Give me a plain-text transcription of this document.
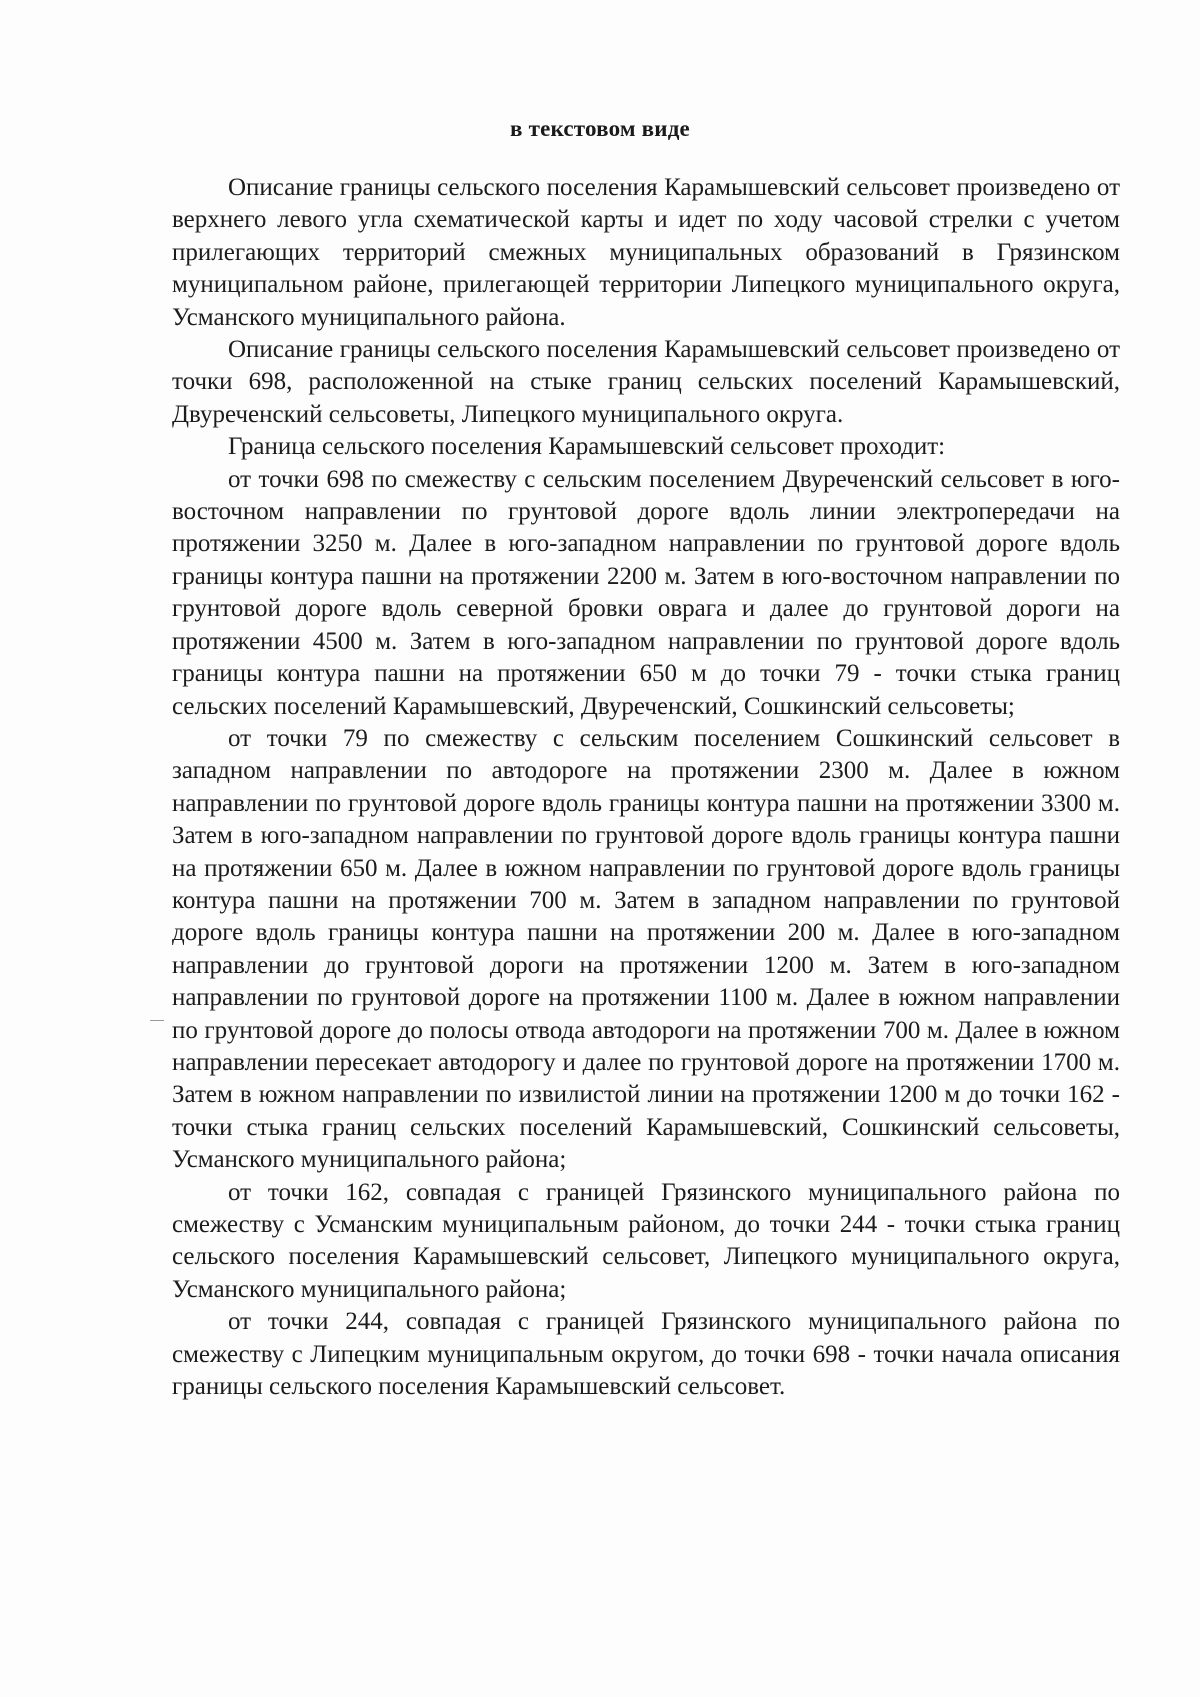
в текстовом виде

Описание границы сельского поселения Карамышевский сельсовет произведено от верхнего левого угла схематической карты и идет по ходу часовой стрелки с учетом прилегающих территорий смежных муниципальных образований в Грязинском муниципальном районе, прилегающей территории Липецкого муниципального округа, Усманского муниципального района.

Описание границы сельского поселения Карамышевский сельсовет произведено от точки 698, расположенной на стыке границ сельских поселений Карамышевский, Двуреченский сельсоветы, Липецкого муниципального округа.

Граница сельского поселения Карамышевский сельсовет проходит:

от точки 698 по смежеству с сельским поселением Двуреченский сельсовет в юго-восточном направлении по грунтовой дороге вдоль линии электропередачи на протяжении 3250 м. Далее в юго-западном направлении по грунтовой дороге вдоль границы контура пашни на протяжении 2200 м. Затем в юго-восточном направлении по грунтовой дороге вдоль северной бровки оврага и далее до грунтовой дороги на протяжении 4500 м. Затем в юго-западном направлении по грунтовой дороге вдоль границы контура пашни на протяжении 650 м до точки 79 - точки стыка границ сельских поселений Карамышевский, Двуреченский, Сошкинский сельсоветы;

от точки 79 по смежеству с сельским поселением Сошкинский сельсовет в западном направлении по автодороге на протяжении 2300 м. Далее в южном направлении по грунтовой дороге вдоль границы контура пашни на протяжении 3300 м. Затем в юго-западном направлении по грунтовой дороге вдоль границы контура пашни на протяжении 650 м. Далее в южном направлении по грунтовой дороге вдоль границы контура пашни на протяжении 700 м. Затем в западном направлении по грунтовой дороге вдоль границы контура пашни на протяжении 200 м. Далее в юго-западном направлении до грунтовой дороги на протяжении 1200 м. Затем в юго-западном направлении по грунтовой дороге на протяжении 1100 м. Далее в южном направлении по грунтовой дороге до полосы отвода автодороги на протяжении 700 м. Далее в южном направлении пересекает автодорогу и далее по грунтовой дороге на протяжении 1700 м. Затем в южном направлении по извилистой линии на протяжении 1200 м до точки 162 - точки стыка границ сельских поселений Карамышевский, Сошкинский сельсоветы, Усманского муниципального района;

от точки 162, совпадая с границей Грязинского муниципального района по смежеству с Усманским муниципальным районом, до точки 244 - точки стыка границ сельского поселения Карамышевский сельсовет, Липецкого муниципального округа, Усманского муниципального района;

от точки 244, совпадая с границей Грязинского муниципального района по смежеству с Липецким муниципальным округом, до точки 698 - точки начала описания границы сельского поселения Карамышевский сельсовет.
